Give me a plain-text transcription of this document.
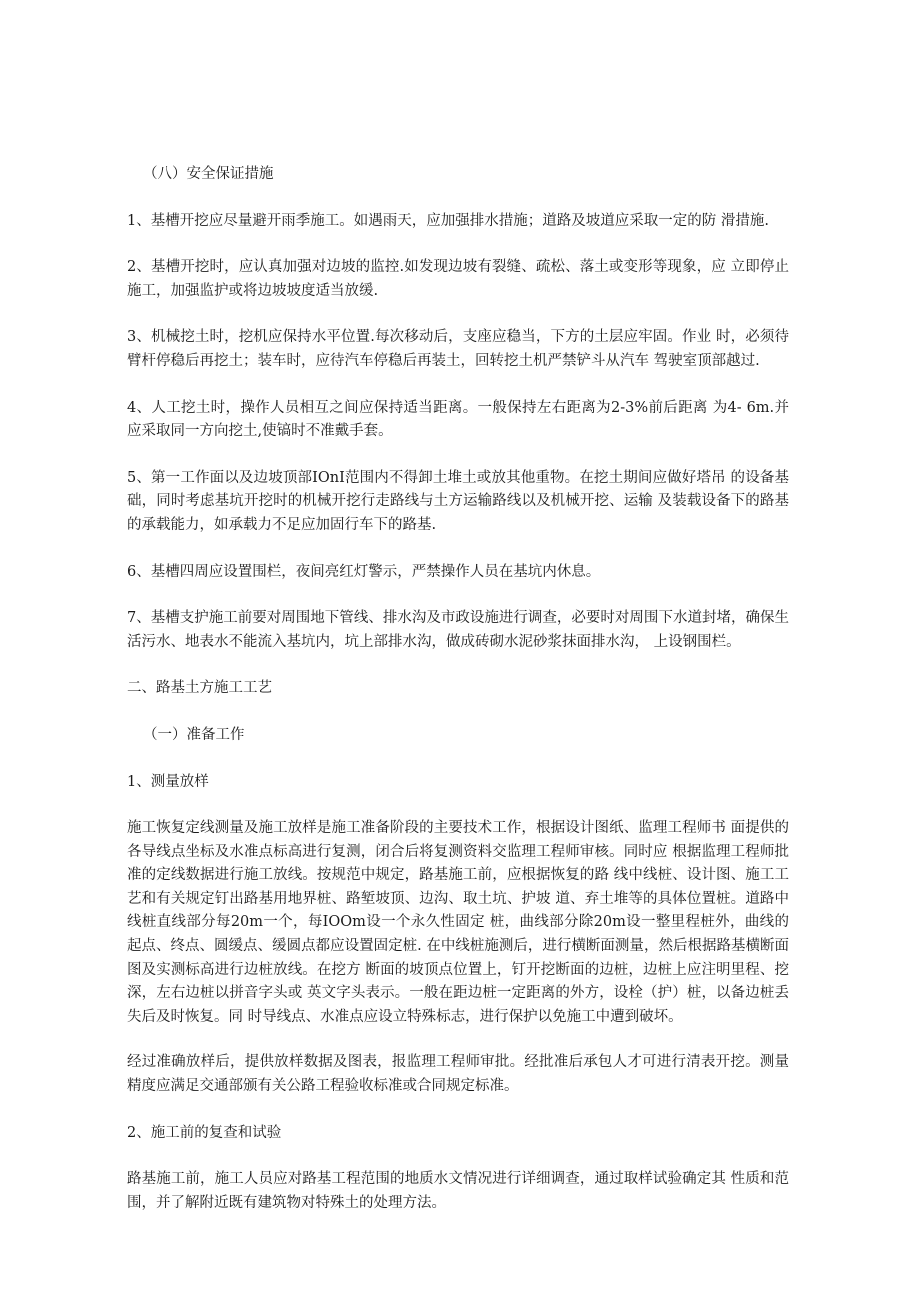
（八）安全保证措施

1、基槽开挖应尽量避开雨季施工。如遇雨天，应加强排水措施；道路及坡道应采取一定的防 滑措施.

2、基槽开挖时，应认真加强对边坡的监控.如发现边坡有裂缝、疏松、落土或变形等现象，应 立即停止施工，加强监护或将边坡坡度适当放缓.

3、机械挖土时，挖机应保持水平位置.每次移动后，支座应稳当，下方的土层应牢固。作业 时，必须待臂杆停稳后再挖土；装车时，应待汽车停稳后再装土，回转挖土机严禁铲斗从汽车 驾驶室顶部越过.

4、人工挖土时，操作人员相互之间应保持适当距离。一般保持左右距离为2-3%前后距离 为4- 6m.并应采取同一方向挖土,使镐时不准戴手套。

5、第一工作面以及边坡顶部IOnI范围内不得卸土堆土或放其他重物。在挖土期间应做好塔吊 的设备基础，同时考虑基坑开挖时的机械开挖行走路线与土方运输路线以及机械开挖、运输 及装载设备下的路基的承载能力，如承载力不足应加固行车下的路基.

6、基槽四周应设置围栏，夜间亮红灯警示，严禁操作人员在基坑内休息。

7、基槽支护施工前要对周围地下管线、排水沟及市政设施进行调查，必要时对周围下水道封堵，确保生活污水、地表水不能流入基坑内，坑上部排水沟，做成砖砌水泥砂浆抹面排水沟， 上设钢围栏。

二、路基土方施工工艺

（一）准备工作

1、测量放样

施工恢复定线测量及施工放样是施工准备阶段的主要技术工作，根据设计图纸、监理工程师书 面提供的各导线点坐标及水准点标高进行复测，闭合后将复测资料交监理工程师审核。同时应 根据监理工程师批准的定线数据进行施工放线。按规范中规定，路基施工前，应根据恢复的路 线中线桩、设计图、施工工艺和有关规定钉出路基用地界桩、路堑坡顶、边沟、取土坑、护坡 道、弃土堆等的具体位置桩。道路中线桩直线部分每20m一个，每IOOm设一个永久性固定 桩，曲线部分除20m设一整里程桩外，曲线的起点、终点、圆缓点、缓圆点都应设置固定桩. 在中线桩施测后，进行横断面测量，然后根据路基横断面图及实测标高进行边桩放线。在挖方 断面的坡顶点位置上，钉开挖断面的边桩，边桩上应注明里程、挖深，左右边桩以拼音字头或 英文字头表示。一般在距边桩一定距离的外方，设栓（护）桩，以备边桩丢失后及时恢复。同 时导线点、水准点应设立特殊标志，进行保护以免施工中遭到破坏。

经过准确放样后，提供放样数据及图表，报监理工程师审批。经批准后承包人才可进行清表开挖。测量精度应满足交通部颁有关公路工程验收标准或合同规定标准。

2、施工前的复查和试验

路基施工前，施工人员应对路基工程范围的地质水文情况进行详细调查，通过取样试验确定其 性质和范围，并了解附近既有建筑物对特殊土的处理方法。
